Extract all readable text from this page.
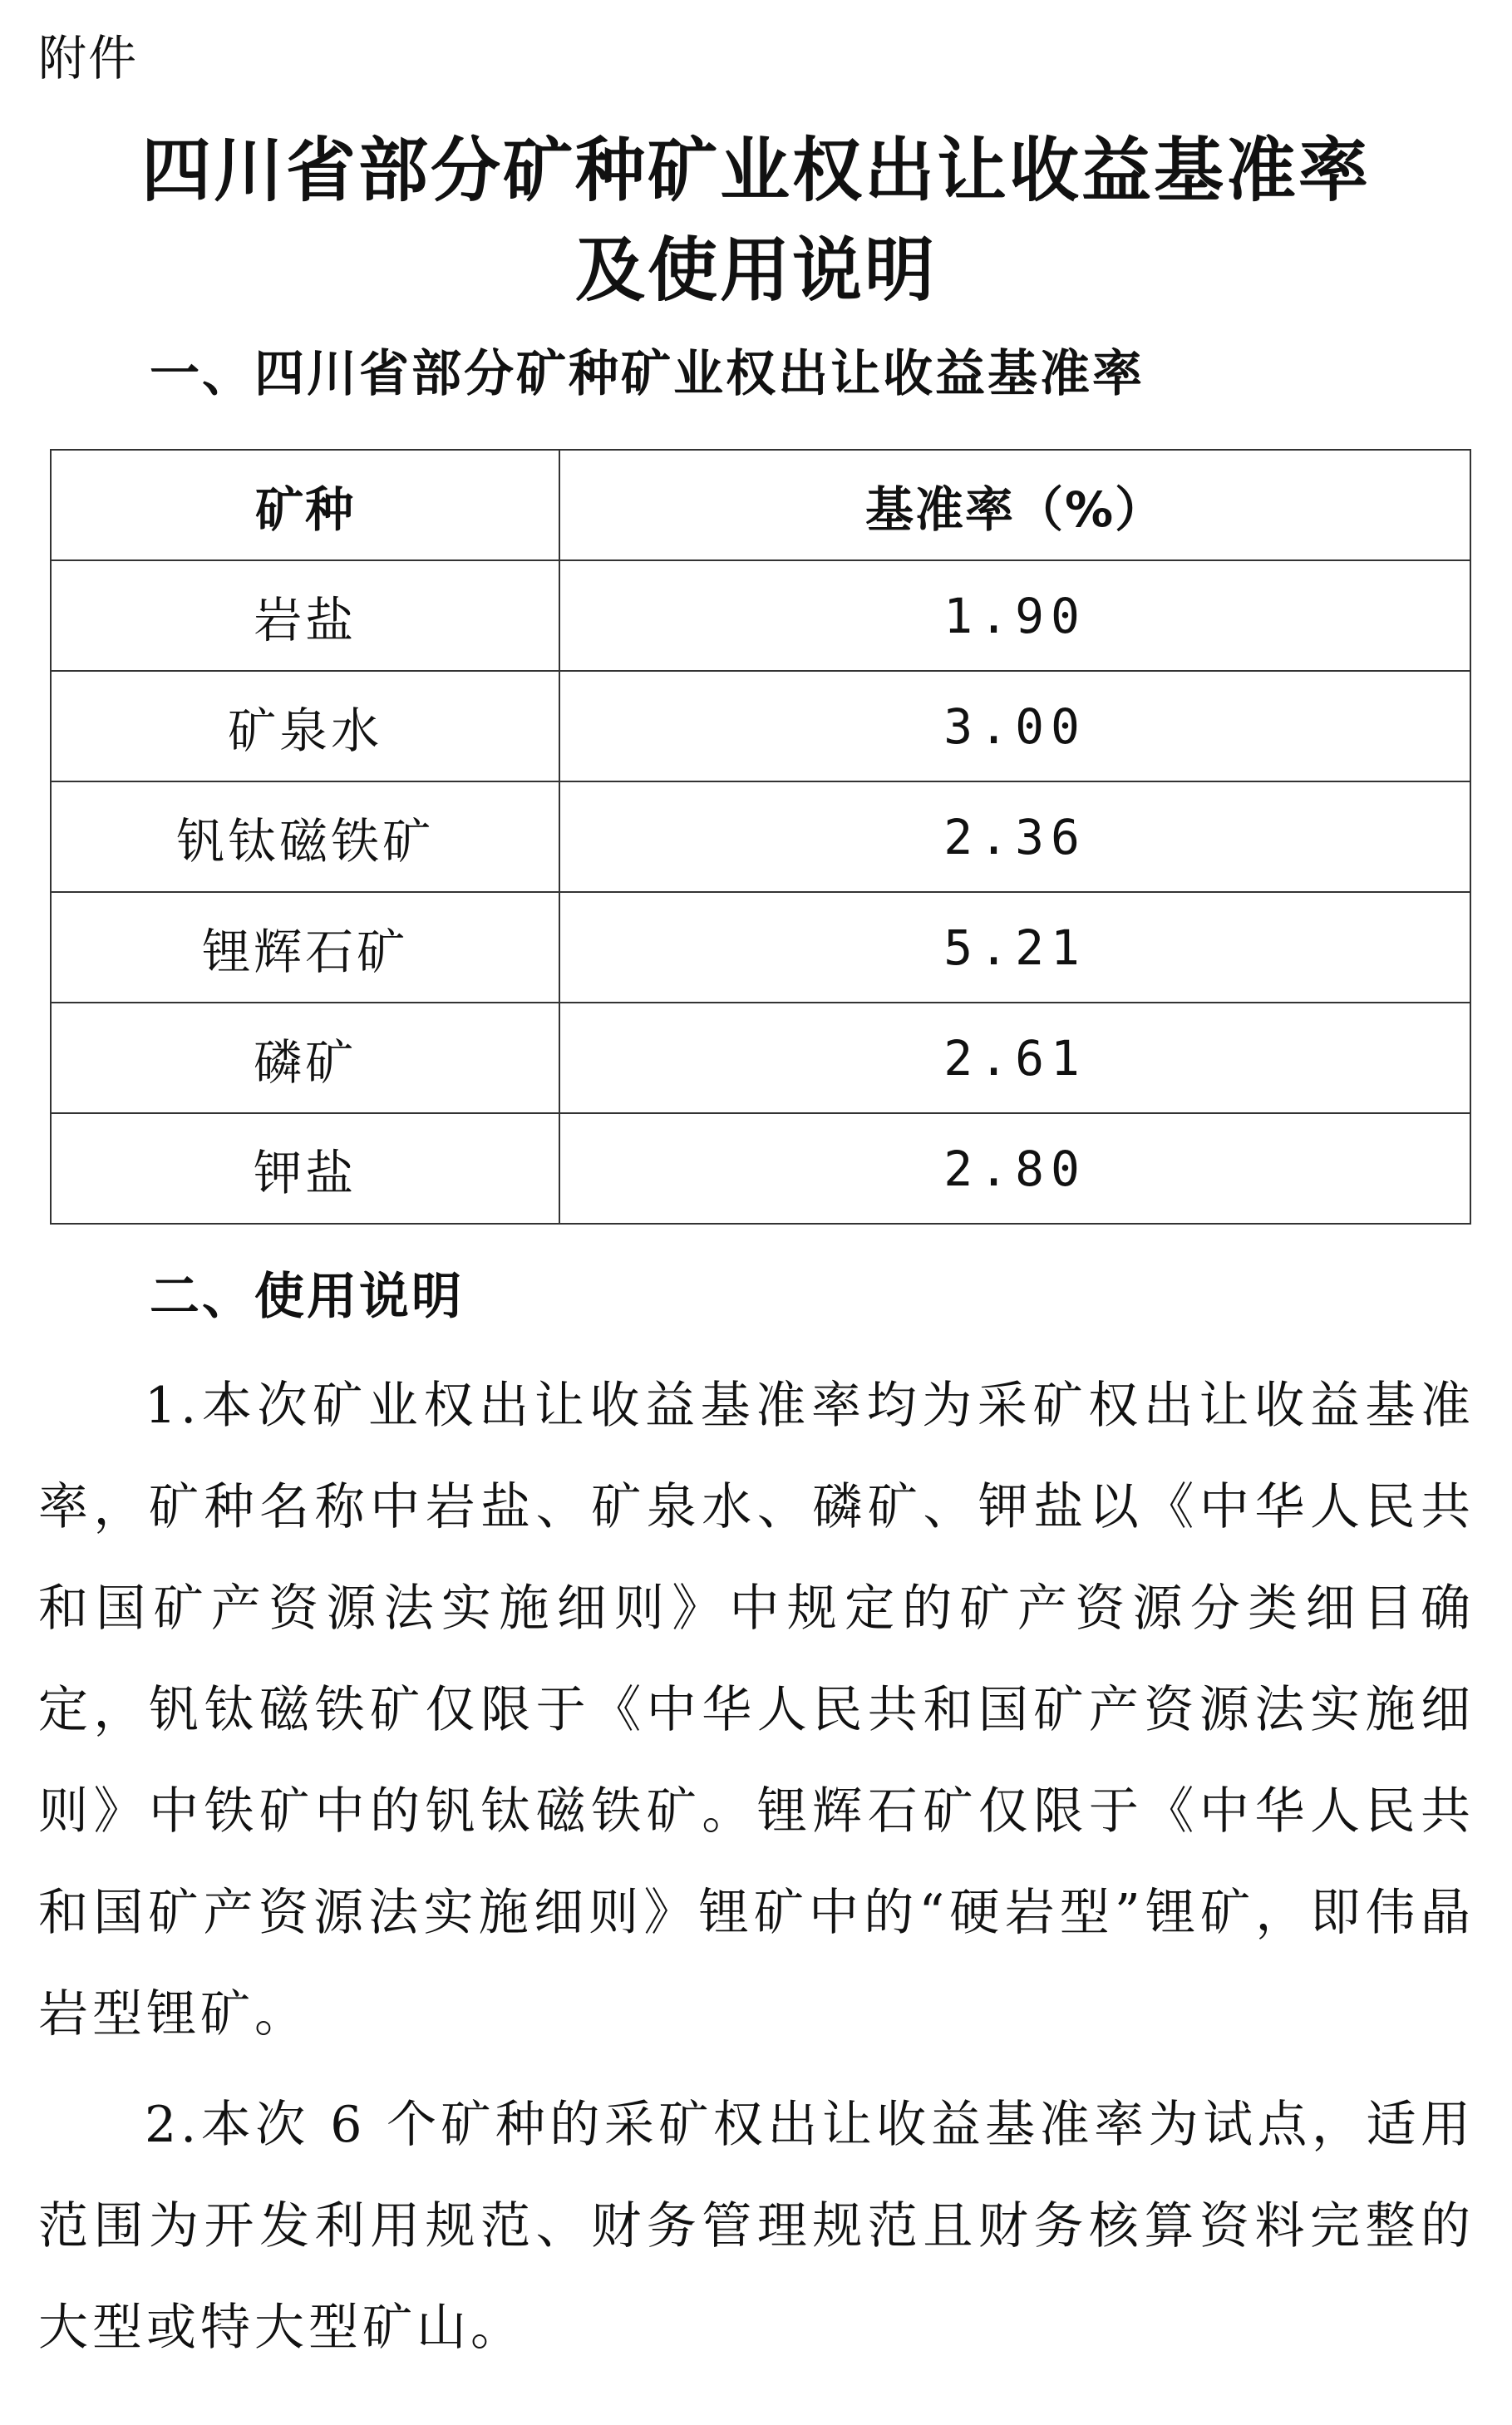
附件
四川省部分矿种矿业权出让收益基准率
及使用说明
一、四川省部分矿种矿业权出让收益基准率
矿种	基准率（%）
岩盐	1.90
矿泉水	3.00
钒钛磁铁矿	2.36
锂辉石矿	5.21
磷矿	2.61
钾盐	2.80
二、使用说明

1.本次矿业权出让收益基准率均为采矿权出让收益基准率，矿种名称中岩盐、矿泉水、磷矿、钾盐以《中华人民共和国矿产资源法实施细则》中规定的矿产资源分类细目确定，钒钛磁铁矿仅限于《中华人民共和国矿产资源法实施细则》中铁矿中的钒钛磁铁矿。锂辉石矿仅限于《中华人民共和国矿产资源法实施细则》锂矿中的“硬岩型”锂矿，即伟晶岩型锂矿。

2.本次 6 个矿种的采矿权出让收益基准率为试点，适用范围为开发利用规范、财务管理规范且财务核算资料完整的大型或特大型矿山。
